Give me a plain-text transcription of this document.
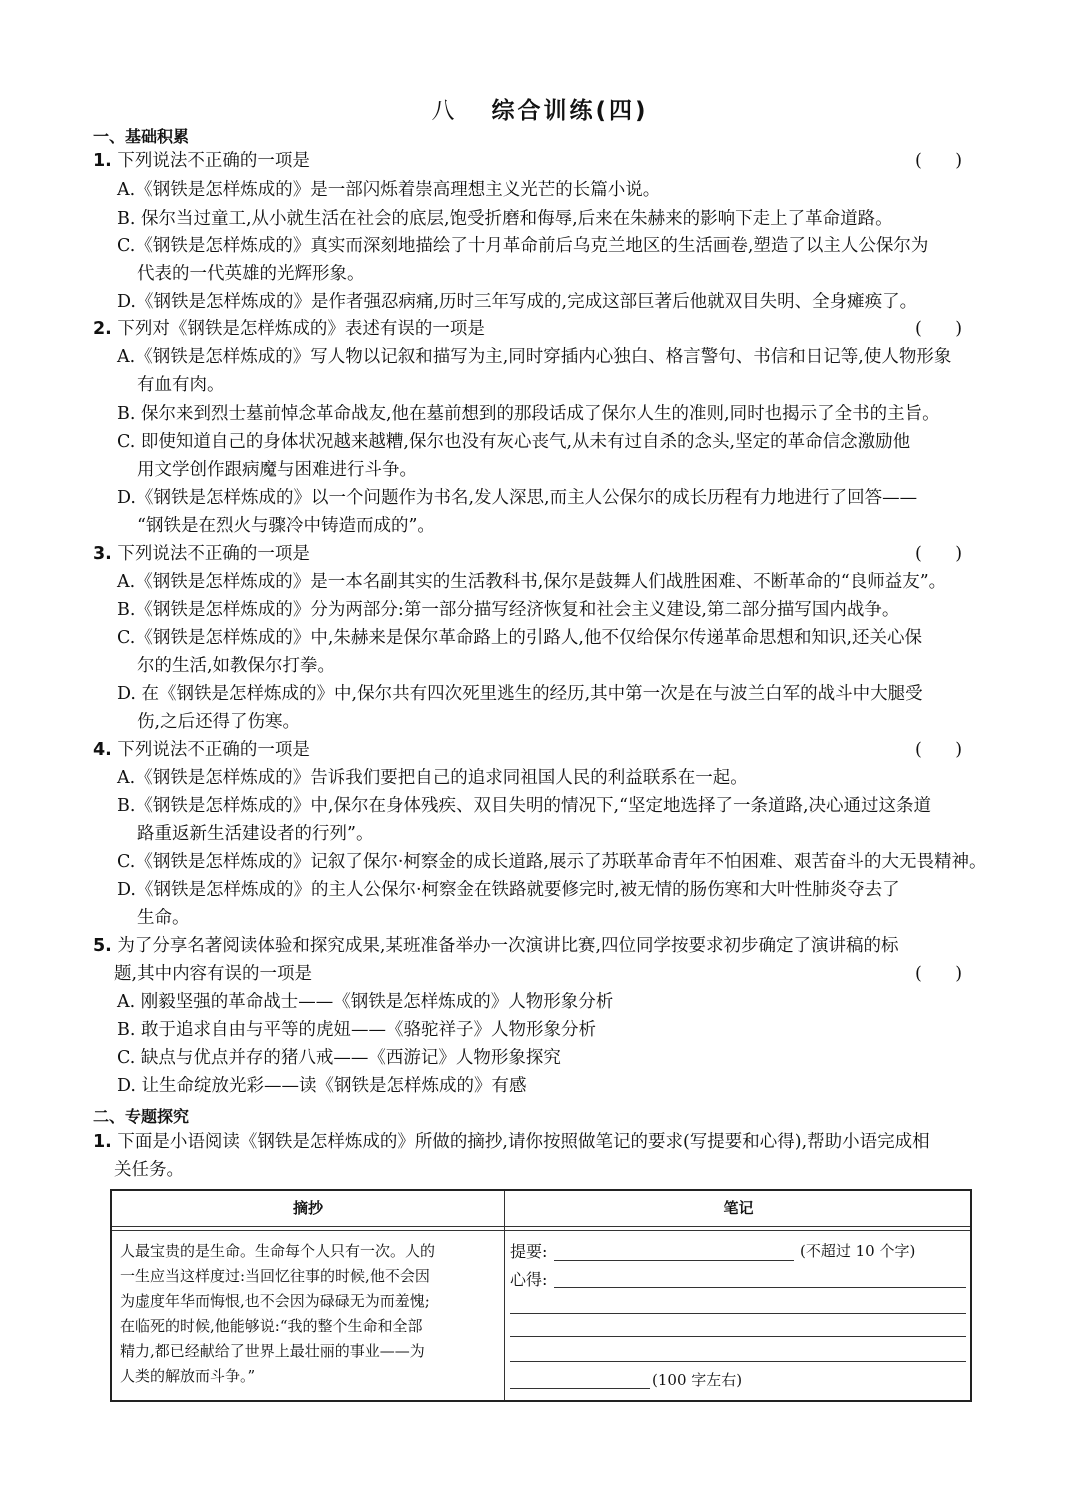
八 综合训练(四)
一、基础积累
1. 下列说法不正确的一项是	(      )
A.《钢铁是怎样炼成的》是一部闪烁着崇高理想主义光芒的长篇小说。
B. 保尔当过童工,从小就生活在社会的底层,饱受折磨和侮辱,后来在朱赫来的影响下走上了革命道路。
C.《钢铁是怎样炼成的》真实而深刻地描绘了十月革命前后乌克兰地区的生活画卷,塑造了以主人公保尔为
代表的一代英雄的光辉形象。
D.《钢铁是怎样炼成的》是作者强忍病痛,历时三年写成的,完成这部巨著后他就双目失明、全身瘫痪了。
2. 下列对《钢铁是怎样炼成的》表述有误的一项是	(      )
A.《钢铁是怎样炼成的》写人物以记叙和描写为主,同时穿插内心独白、格言警句、书信和日记等,使人物形象
有血有肉。
B. 保尔来到烈士墓前悼念革命战友,他在墓前想到的那段话成了保尔人生的准则,同时也揭示了全书的主旨。
C. 即使知道自己的身体状况越来越糟,保尔也没有灰心丧气,从未有过自杀的念头,坚定的革命信念激励他
用文学创作跟病魔与困难进行斗争。
D.《钢铁是怎样炼成的》以一个问题作为书名,发人深思,而主人公保尔的成长历程有力地进行了回答——
“钢铁是在烈火与骤冷中铸造而成的”。
3. 下列说法不正确的一项是	(      )
A.《钢铁是怎样炼成的》是一本名副其实的生活教科书,保尔是鼓舞人们战胜困难、不断革命的“良师益友”。
B.《钢铁是怎样炼成的》分为两部分:第一部分描写经济恢复和社会主义建设,第二部分描写国内战争。
C.《钢铁是怎样炼成的》中,朱赫来是保尔革命路上的引路人,他不仅给保尔传递革命思想和知识,还关心保
尔的生活,如教保尔打拳。
D. 在《钢铁是怎样炼成的》中,保尔共有四次死里逃生的经历,其中第一次是在与波兰白军的战斗中大腿受
伤,之后还得了伤寒。
4. 下列说法不正确的一项是	(      )
A.《钢铁是怎样炼成的》告诉我们要把自己的追求同祖国人民的利益联系在一起。
B.《钢铁是怎样炼成的》中,保尔在身体残疾、双目失明的情况下,“坚定地选择了一条道路,决心通过这条道
路重返新生活建设者的行列”。
C.《钢铁是怎样炼成的》记叙了保尔·柯察金的成长道路,展示了苏联革命青年不怕困难、艰苦奋斗的大无畏精神。
D.《钢铁是怎样炼成的》的主人公保尔·柯察金在铁路就要修完时,被无情的肠伤寒和大叶性肺炎夺去了
生命。
5. 为了分享名著阅读体验和探究成果,某班准备举办一次演讲比赛,四位同学按要求初步确定了演讲稿的标
题,其中内容有误的一项是	(      )
A. 刚毅坚强的革命战士——《钢铁是怎样炼成的》人物形象分析
B. 敢于追求自由与平等的虎妞——《骆驼祥子》人物形象分析
C. 缺点与优点并存的猪八戒——《西游记》人物形象探究
D. 让生命绽放光彩——读《钢铁是怎样炼成的》有感
二、专题探究
1. 下面是小语阅读《钢铁是怎样炼成的》所做的摘抄,请你按照做笔记的要求(写提要和心得),帮助小语完成相
关任务。
摘抄	笔记
人最宝贵的是生命。生命每个人只有一次。人的
一生应当这样度过:当回忆往事的时候,他不会因
为虚度年华而悔恨,也不会因为碌碌无为而羞愧;
在临死的时候,他能够说:“我的整个生命和全部
精力,都已经献给了世界上最壮丽的事业——为
人类的解放而斗争。”
提要:	(不超过 10 个字)
心得:
(100 字左右)
